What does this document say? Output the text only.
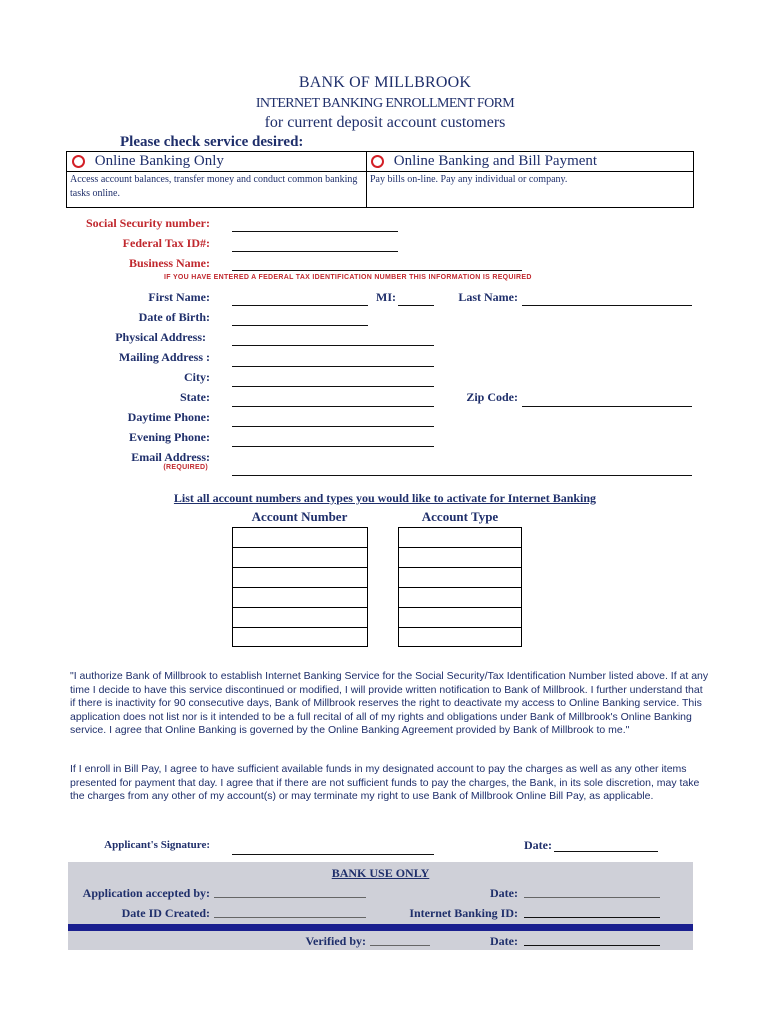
BANK OF MILLBROOK
INTERNET BANKING ENROLLMENT FORM
for current deposit account customers
Please check service desired:
Online Banking Only	Online Banking and Bill Payment
Access account balances, transfer money and conduct common banking tasks online.
Pay bills on-line. Pay any individual or company.
Social Security number:
Federal Tax ID#:
Business Name:
IF YOU HAVE ENTERED A FEDERAL TAX IDENTIFICATION NUMBER THIS INFORMATION IS REQUIRED
First Name:	MI:	Last Name:
Date of Birth:
Physical Address:
Mailing Address :
City:
State:	Zip Code:
Daytime Phone:
Evening Phone:
Email Address:
(REQUIRED)
List all account numbers and types you would like to activate for Internet Banking
Account Number	Account Type
"I authorize Bank of Millbrook to establish Internet Banking Service for the Social Security/Tax Identification Number listed above. If at any time I decide to have this service discontinued or modified, I will provide written notification to Bank of Millbrook. I further understand that if there is inactivity for 90 consecutive days, Bank of Millbrook reserves the right to deactivate my access to Online Banking service. This application does not list nor is it intended to be a full recital of all of my rights and obligations under Bank of Millbrook's Online Banking service. I agree that Online Banking is governed by the Online Banking Agreement provided by Bank of Millbrook to me."
If I enroll in Bill Pay, I agree to have sufficient available funds in my designated account to pay the charges as well as any other items presented for payment that day. I agree that if there are not sufficient funds to pay the charges, the Bank, in its sole discretion, may take the charges from any other of my account(s) or may terminate my right to use Bank of Millbrook Online Bill Pay, as applicable.
Applicant's Signature:	Date:
BANK USE ONLY
Application accepted by:	Date:
Date ID Created:	Internet Banking ID:
Verified by:	Date:
